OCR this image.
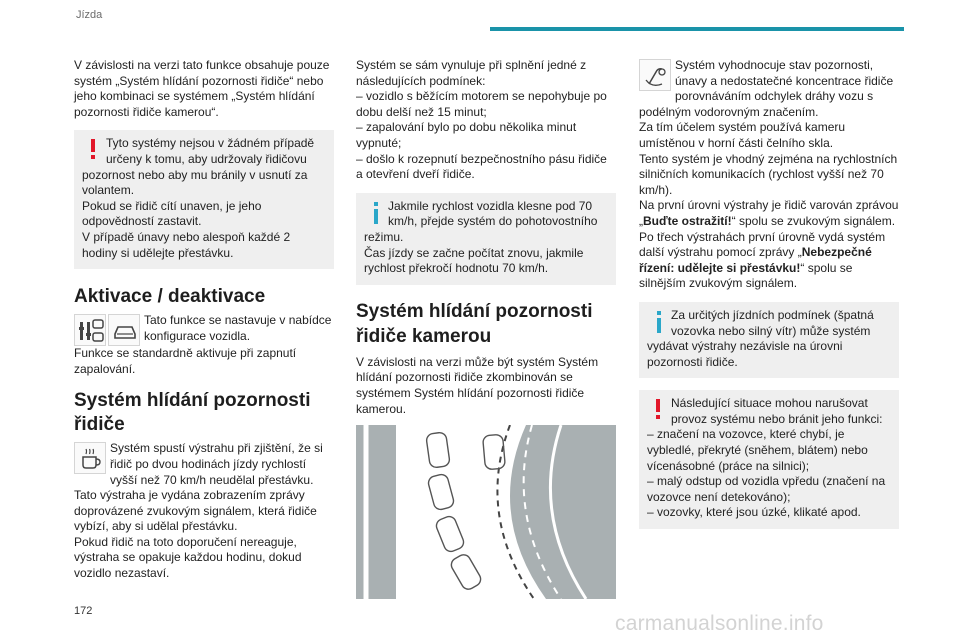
Jízda

V závislosti na verzi tato funkce obsahuje pouze systém „Systém hlídání pozornosti řidiče“ nebo jeho kombinaci se systémem „Systém hlídání pozornosti řidiče kamerou“.

Tyto systémy nejsou v žádném případě určeny k tomu, aby udržovaly řidičovu pozornost nebo aby mu bránily v usnutí za volantem.

Pokud se řidič cítí unaven, je jeho odpovědností zastavit.

V případě únavy nebo alespoň každé 2 hodiny si udělejte přestávku.

Aktivace / deaktivace

Tato funkce se nastavuje v nabídce konfigurace vozidla.

Funkce se standardně aktivuje při zapnutí zapalování.

Systém hlídání pozornosti řidiče

Systém spustí výstrahu při zjištění, že si řidič po dvou hodinách jízdy rychlostí vyšší než 70 km/h neudělal přestávku.

Tato výstraha je vydána zobrazením zprávy doprovázené zvukovým signálem, která řidiče vybízí, aby si udělal přestávku.

Pokud řidič na toto doporučení nereaguje, výstraha se opakuje každou hodinu, dokud vozidlo nezastaví.

Systém se sám vynuluje při splnění jedné z následujících podmínek:

– vozidlo s běžícím motorem se nepohybuje po dobu delší než 15 minut;

– zapalování bylo po dobu několika minut vypnuté;

– došlo k rozepnutí bezpečnostního pásu řidiče a otevření dveří řidiče.

Jakmile rychlost vozidla klesne pod 70 km/h, přejde systém do pohotovostního režimu.

Čas jízdy se začne počítat znovu, jakmile rychlost překročí hodnotu 70 km/h.

Systém hlídání pozornosti řidiče kamerou

V závislosti na verzi může být systém Systém hlídání pozornosti řidiče zkombinován se systémem Systém hlídání pozornosti řidiče kamerou.

Systém vyhodnocuje stav pozornosti, únavy a nedostatečné koncentrace řidiče porovnáváním odchylek dráhy vozu s podélným vodorovným značením.

Za tím účelem systém používá kameru umístěnou v horní části čelního skla.

Tento systém je vhodný zejména na rychlostních silničních komunikacích (rychlost vyšší než 70 km/h).

Na první úrovni výstrahy je řidič varován zprávou „Buďte ostražití!“ spolu se zvukovým signálem.

Po třech výstrahách první úrovně vydá systém další výstrahu pomocí zprávy „Nebezpečné řízení: udělejte si přestávku!“ spolu se silnějším zvukovým signálem.

Za určitých jízdních podmínek (špatná vozovka nebo silný vítr) může systém vydávat výstrahy nezávisle na úrovni pozornosti řidiče.

Následující situace mohou narušovat provoz systému nebo bránit jeho funkci:

– značení na vozovce, které chybí, je vybledlé, překryté (sněhem, blátem) nebo vícenásobné (práce na silnici);

– malý odstup od vozidla vpředu (značení na vozovce není detekováno);

– vozovky, které jsou úzké, klikaté apod.

172
carmanualsonline.info
